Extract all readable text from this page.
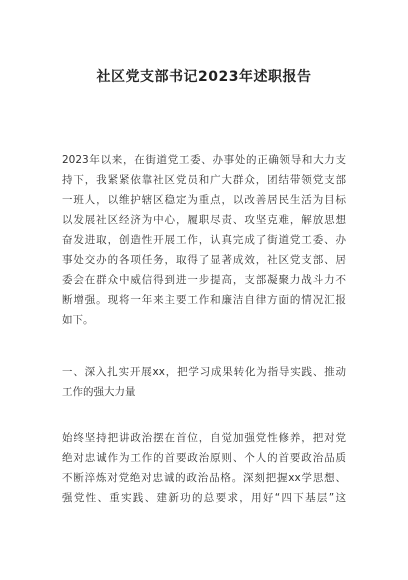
社区党支部书记2023年述职报告
2023年以来，在街道党工委、办事处的正确领导和大力支
持下，我紧紧依靠社区党员和广大群众，团结带领党支部
一班人，以维护辖区稳定为重点，以改善居民生活为目标
以发展社区经济为中心，履职尽责、攻坚克难，解放思想
奋发进取，创造性开展工作，认真完成了街道党工委、办
事处交办的各项任务，取得了显著成效，社区党支部、居
委会在群众中威信得到进一步提高，支部凝聚力战斗力不
断增强。现将一年来主要工作和廉洁自律方面的情况汇报
如下。
一、深入扎实开展xx，把学习成果转化为指导实践、推动
工作的强大力量
始终坚持把讲政治摆在首位，自觉加强党性修养，把对党
绝对忠诚作为工作的首要政治原则、个人的首要政治品质
不断淬炼对党绝对忠诚的政治品格。深刻把握xx学思想、
强党性、重实践、建新功的总要求，用好“四下基层”这
